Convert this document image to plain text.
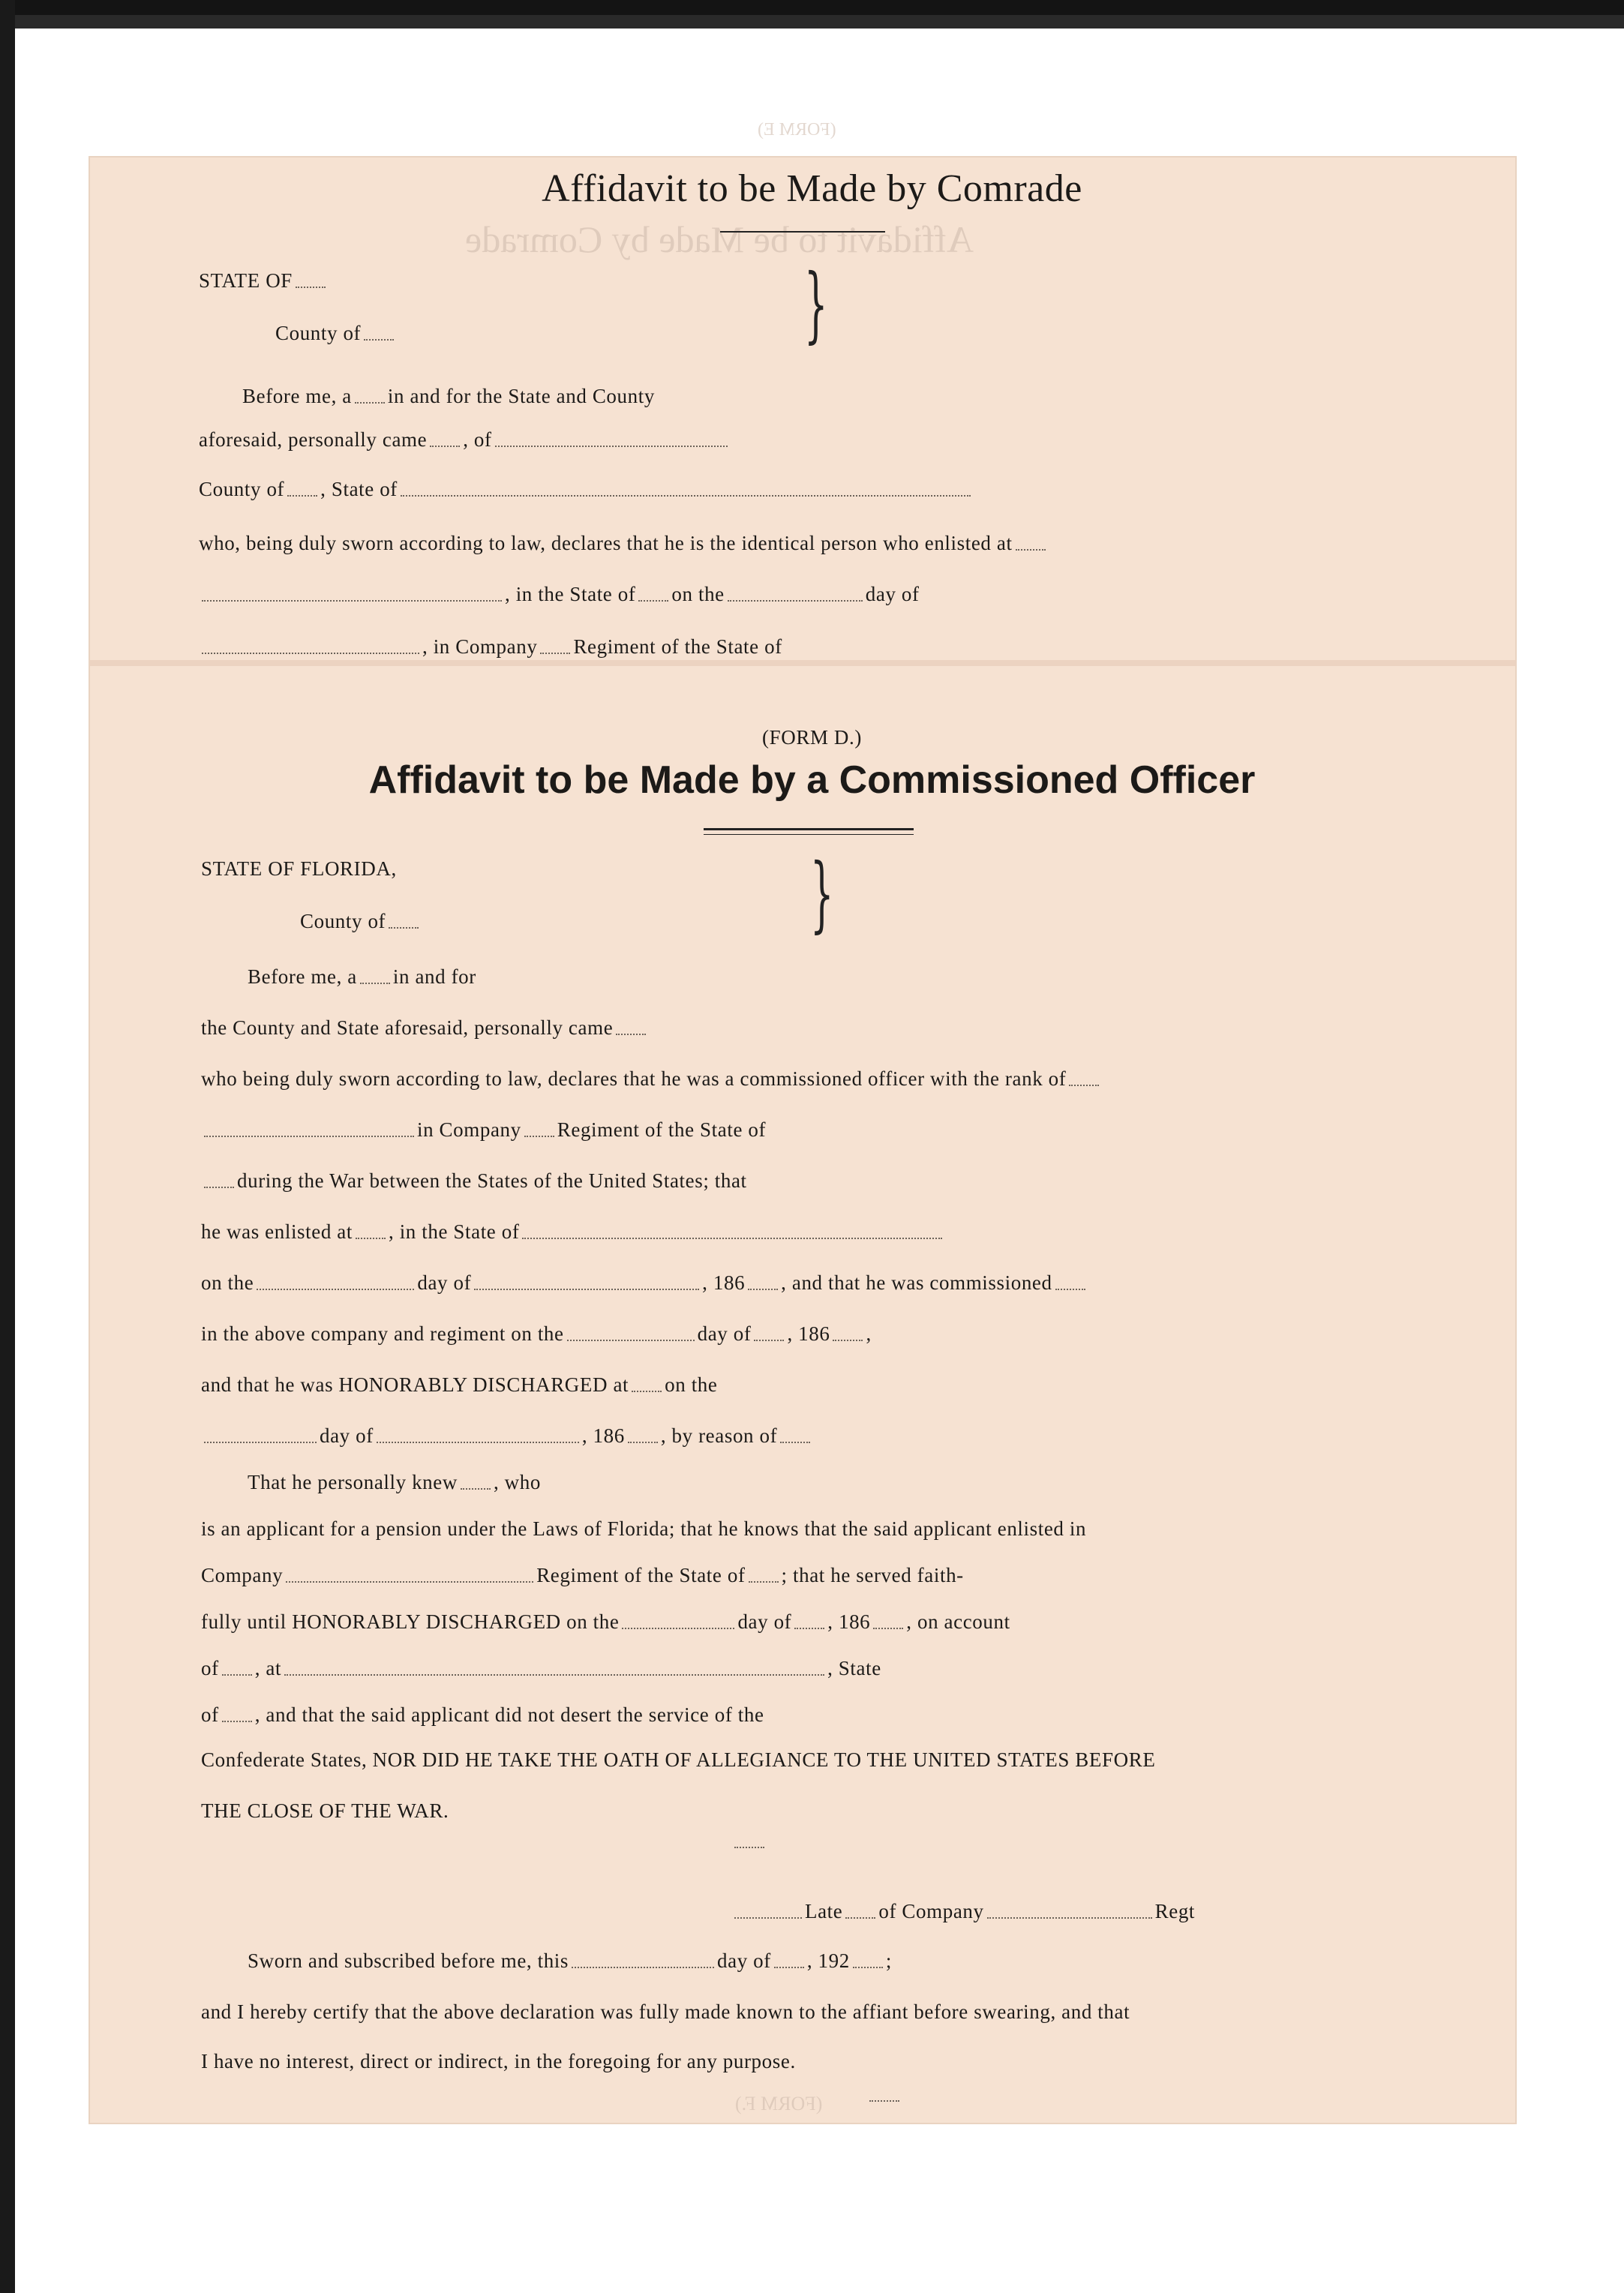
Affidavit to be Made by Comrade
(FORM E)
(FORM F.)
Affidavit to be Made by Comrade
STATE OF	}
County of
Before me, a in and for the State and County
aforesaid, personally came , of
County of , State of
who, being duly sworn according to law, declares that he is the identical person who enlisted at
, in the State of on the	day of
, in Company Regiment of the State of
(FORM D.)
Affidavit to be Made by a Commissioned Officer
STATE OF FLORIDA,	}
County of
Before me, a in and for
the County and State aforesaid, personally came
who being duly sworn according to law, declares that he was a commissioned officer with the rank of
in Company Regiment of the State of
during the War between the States of the United States; that
he was enlisted at , in the State of
on the	day of	, 186 , and that he was commissioned
in the above company and regiment on the	day of , 186 ,
and that he was HONORABLY DISCHARGED at on the
day of	, 186 , by reason of
That he personally knew , who
is an applicant for a pension under the Laws of Florida; that he knows that the said applicant enlisted in
Company	Regiment of the State of ; that he served faith-
fully until HONORABLY DISCHARGED on the	day of , 186 , on account
of , at	, State
of , and that the said applicant did not desert the service of the
Confederate States, NOR DID HE TAKE THE OATH OF ALLEGIANCE TO THE UNITED STATES BEFORE
THE CLOSE OF THE WAR.
Late of Company	Regt
Sworn and subscribed before me, this	day of , 192 ;
and I hereby certify that the above declaration was fully made known to the affiant before swearing, and that
I have no interest, direct or indirect, in the foregoing for any purpose.
